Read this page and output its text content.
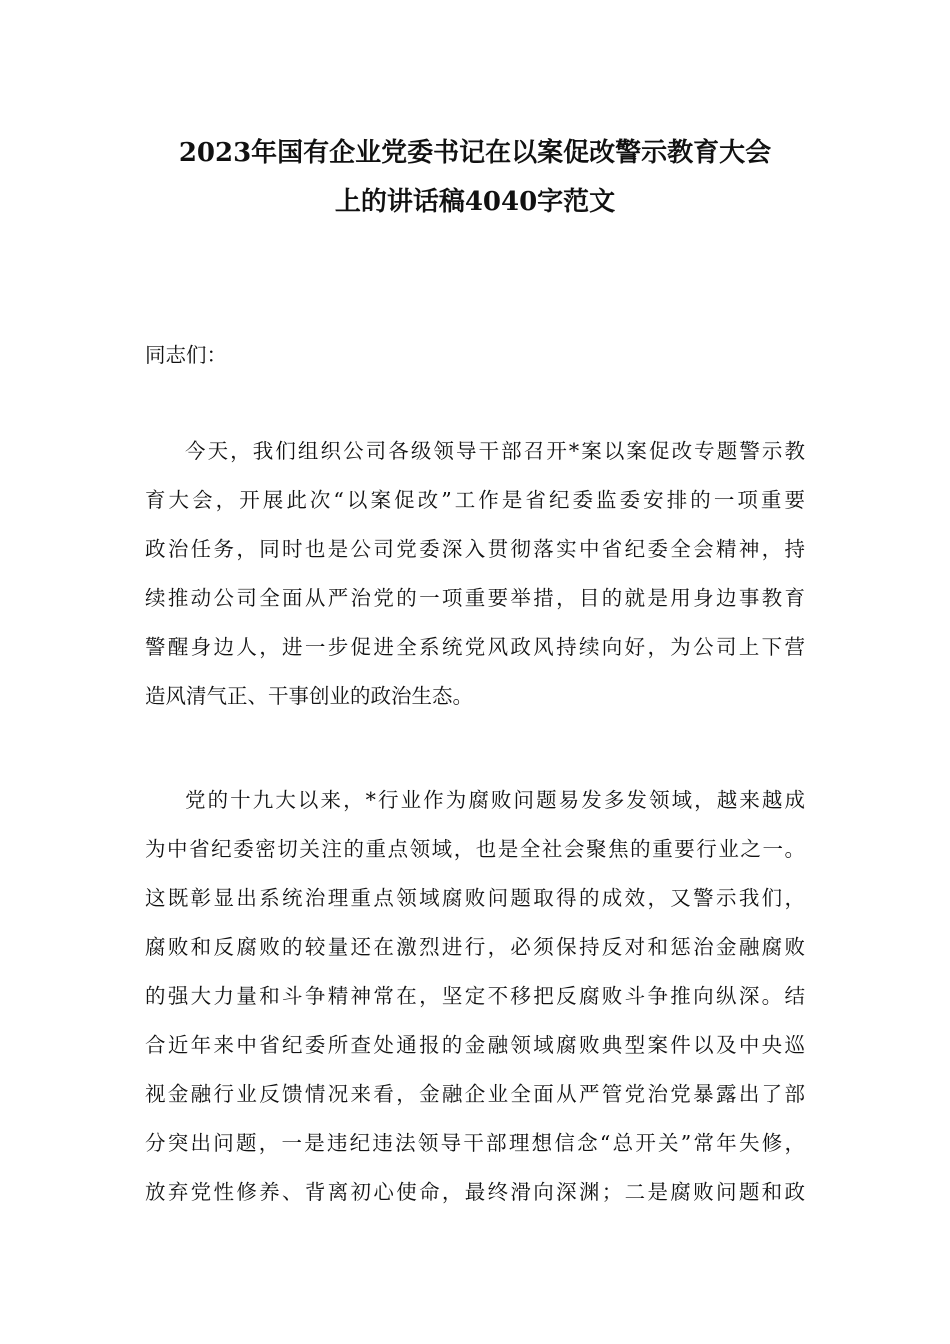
2023年国有企业党委书记在以案促改警示教育大会
上的讲话稿4040字范文
同志们：
今天，我们组织公司各级领导干部召开*案以案促改专题警示教
育大会，开展此次“以案促改”工作是省纪委监委安排的一项重要
政治任务，同时也是公司党委深入贯彻落实中省纪委全会精神，持
续推动公司全面从严治党的一项重要举措，目的就是用身边事教育
警醒身边人，进一步促进全系统党风政风持续向好，为公司上下营
造风清气正、干事创业的政治生态。
党的十九大以来，*行业作为腐败问题易发多发领域，越来越成
为中省纪委密切关注的重点领域，也是全社会聚焦的重要行业之一。
这既彰显出系统治理重点领域腐败问题取得的成效，又警示我们，
腐败和反腐败的较量还在激烈进行，必须保持反对和惩治金融腐败
的强大力量和斗争精神常在，坚定不移把反腐败斗争推向纵深。结
合近年来中省纪委所查处通报的金融领域腐败典型案件以及中央巡
视金融行业反馈情况来看，金融企业全面从严管党治党暴露出了部
分突出问题，一是违纪违法领导干部理想信念“总开关”常年失修，
放弃党性修养、背离初心使命，最终滑向深渊；二是腐败问题和政
